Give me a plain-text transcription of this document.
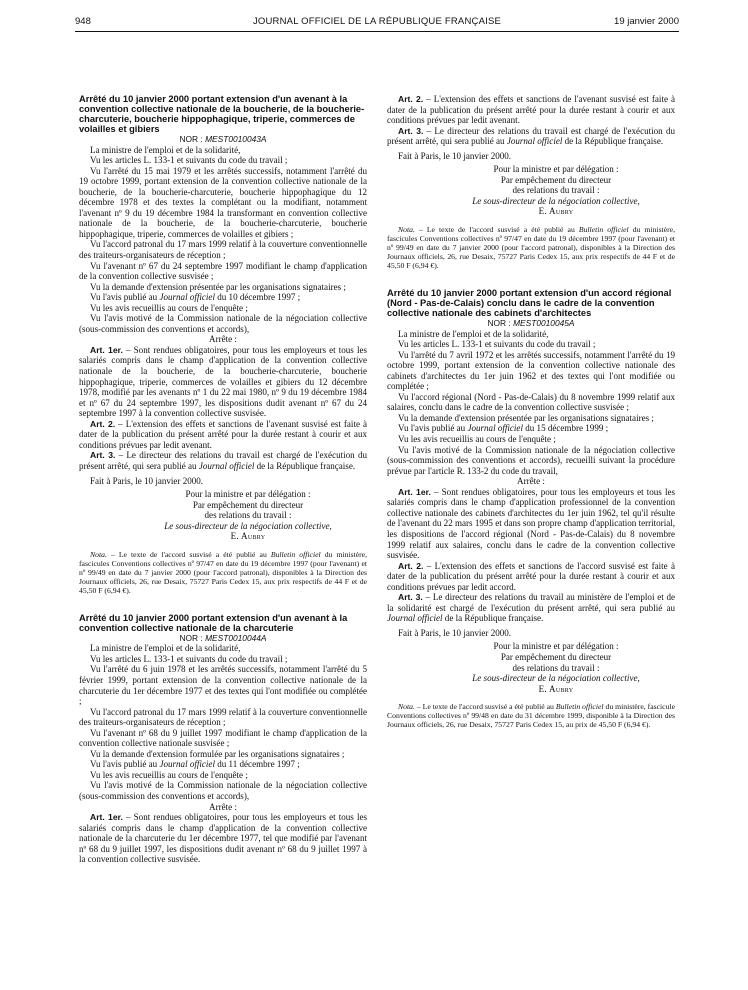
948	JOURNAL OFFICIEL DE LA RÉPUBLIQUE FRANÇAISE	19 janvier 2000

Arrêté du 10 janvier 2000 portant extension d'un avenant à la convention collective nationale de la boucherie, de la boucherie-charcuterie, boucherie hippophagique, triperie, commerces de volailles et gibiers

NOR : MEST0010043A

La ministre de l'emploi et de la solidarité,

Vu les articles L. 133-1 et suivants du code du travail ;

Vu l'arrêté du 15 mai 1979 et les arrêtés successifs, notamment l'arrêté du 19 octobre 1999, portant extension de la convention collective nationale de la boucherie, de la boucherie-charcuterie, boucherie hippophagique du 12 décembre 1978 et des textes la complétant ou la modifiant, notamment l'avenant nº 9 du 19 décembre 1984 la transformant en convention collective nationale de la boucherie, de la boucherie-charcuterie, boucherie hippophagique, triperie, commerces de volailles et gibiers ;

Vu l'accord patronal du 17 mars 1999 relatif à la couverture conventionnelle des traiteurs-organisateurs de réception ;

Vu l'avenant nº 67 du 24 septembre 1997 modifiant le champ d'application de la convention collective susvisée ;

Vu la demande d'extension présentée par les organisations signataires ;

Vu l'avis publié au Journal officiel du 10 décembre 1997 ;

Vu les avis recueillis au cours de l'enquête ;

Vu l'avis motivé de la Commission nationale de la négociation collective (sous-commission des conventions et accords),

Arrête :

Art. 1er. – Sont rendues obligatoires, pour tous les employeurs et tous les salariés compris dans le champ d'application de la convention collective nationale de la boucherie, de la boucherie-charcuterie, boucherie hippophagique, triperie, commerces de volailles et gibiers du 12 décembre 1978, modifié par les avenants nº 1 du 22 mai 1980, nº 9 du 19 décembre 1984 et nº 67 du 24 septembre 1997, les dispositions dudit avenant nº 67 du 24 septembre 1997 à la convention collective susvisée.

Art. 2. – L'extension des effets et sanctions de l'avenant susvisé est faite à dater de la publication du présent arrêté pour la durée restant à courir et aux conditions prévues par ledit avenant.

Art. 3. – Le directeur des relations du travail est chargé de l'exécution du présent arrêté, qui sera publié au Journal officiel de la République française.

Fait à Paris, le 10 janvier 2000.

Pour la ministre et par délégation :
Par empêchement du directeur
des relations du travail :
Le sous-directeur de la négociation collective,
E. Aubry

Nota. – Le texte de l'accord susvisé a été publié au Bulletin officiel du ministère, fascicules Conventions collectives nº 97/47 en date du 19 décembre 1997 (pour l'avenant) et nº 99/49 en date du 7 janvier 2000 (pour l'accord patronal), disponibles à la Direction des Journaux officiels, 26, rue Desaix, 75727 Paris Cedex 15, aux prix respectifs de 44 F et de 45,50 F (6,94 €).

Arrêté du 10 janvier 2000 portant extension d'un avenant à la convention collective nationale de la charcuterie

NOR : MEST0010044A

La ministre de l'emploi et de la solidarité,

Vu les articles L. 133-1 et suivants du code du travail ;

Vu l'arrêté du 6 juin 1978 et les arrêtés successifs, notamment l'arrêté du 5 février 1999, portant extension de la convention collective nationale de la charcuterie du 1er décembre 1977 et des textes qui l'ont modifiée ou complétée ;

Vu l'accord patronal du 17 mars 1999 relatif à la couverture conventionnelle des traiteurs-organisateurs de réception ;

Vu l'avenant nº 68 du 9 juillet 1997 modifiant le champ d'application de la convention collective nationale susvisée ;

Vu la demande d'extension formulée par les organisations signataires ;

Vu l'avis publié au Journal officiel du 11 décembre 1997 ;

Vu les avis recueillis au cours de l'enquête ;

Vu l'avis motivé de la Commission nationale de la négociation collective (sous-commission des conventions et accords),

Arrête :

Art. 1er. – Sont rendues obligatoires, pour tous les employeurs et tous les salariés compris dans le champ d'application de la convention collective nationale de la charcuterie du 1er décembre 1977, tel que modifié par l'avenant nº 68 du 9 juillet 1997, les dispositions dudit avenant nº 68 du 9 juillet 1997 à la convention collective susvisée.

Art. 2. – L'extension des effets et sanctions de l'avenant susvisé est faite à dater de la publication du présent arrêté pour la durée restant à courir et aux conditions prévues par ledit avenant.

Art. 3. – Le directeur des relations du travail est chargé de l'exécution du présent arrêté, qui sera publié au Journal officiel de la République française.

Fait à Paris, le 10 janvier 2000.

Pour la ministre et par délégation :
Par empêchement du directeur
des relations du travail :
Le sous-directeur de la négociation collective,
E. Aubry

Nota. – Le texte de l'accord susvisé a été publié au Bulletin officiel du ministère, fascicules Conventions collectives nº 97/47 en date du 19 décembre 1997 (pour l'avenant) et nº 99/49 en date du 7 janvier 2000 (pour l'accord patronal), disponibles à la Direction des Journaux officiels, 26, rue Desaix, 75727 Paris Cedex 15, aux prix respectifs de 44 F et de 45,50 F (6,94 €).

Arrêté du 10 janvier 2000 portant extension d'un accord régional (Nord - Pas-de-Calais) conclu dans le cadre de la convention collective nationale des cabinets d'architectes

NOR : MEST0010045A

La ministre de l'emploi et de la solidarité,

Vu les articles L. 133-1 et suivants du code du travail ;

Vu l'arrêté du 7 avril 1972 et les arrêtés successifs, notamment l'arrêté du 19 octobre 1999, portant extension de la convention collective nationale des cabinets d'architectes du 1er juin 1962 et des textes qui l'ont modifiée ou complétée ;

Vu l'accord régional (Nord - Pas-de-Calais) du 8 novembre 1999 relatif aux salaires, conclu dans le cadre de la convention collective susvisée ;

Vu la demande d'extension présentée par les organisations signataires ;

Vu l'avis publié au Journal officiel du 15 décembre 1999 ;

Vu les avis recueillis au cours de l'enquête ;

Vu l'avis motivé de la Commission nationale de la négociation collective (sous-commission des conventions et accords), recueilli suivant la procédure prévue par l'article R. 133-2 du code du travail,

Arrête :

Art. 1er. – Sont rendues obligatoires, pour tous les employeurs et tous les salariés compris dans le champ d'application professionnel de la convention collective nationale des cabinets d'architectes du 1er juin 1962, tel qu'il résulte de l'avenant du 22 mars 1995 et dans son propre champ d'application territorial, les dispositions de l'accord régional (Nord - Pas-de-Calais) du 8 novembre 1999 relatif aux salaires, conclu dans le cadre de la convention collective susvisée.

Art. 2. – L'extension des effets et sanctions de l'accord susvisé est faite à dater de la publication du présent arrêté pour la durée restant à courir et aux conditions prévues par ledit accord.

Art. 3. – Le directeur des relations du travail au ministère de l'emploi et de la solidarité est chargé de l'exécution du présent arrêté, qui sera publié au Journal officiel de la République française.

Fait à Paris, le 10 janvier 2000.

Pour la ministre et par délégation :
Par empêchement du directeur
des relations du travail :
Le sous-directeur de la négociation collective,
E. Aubry

Nota. – Le texte de l'accord susvisé a été publié au Bulletin officiel du ministère, fascicule Conventions collectives nº 99/48 en date du 31 décembre 1999, disponible à la Direction des Journaux officiels, 26, rue Desaix, 75727 Paris Cedex 15, au prix de 45,50 F (6,94 €).
